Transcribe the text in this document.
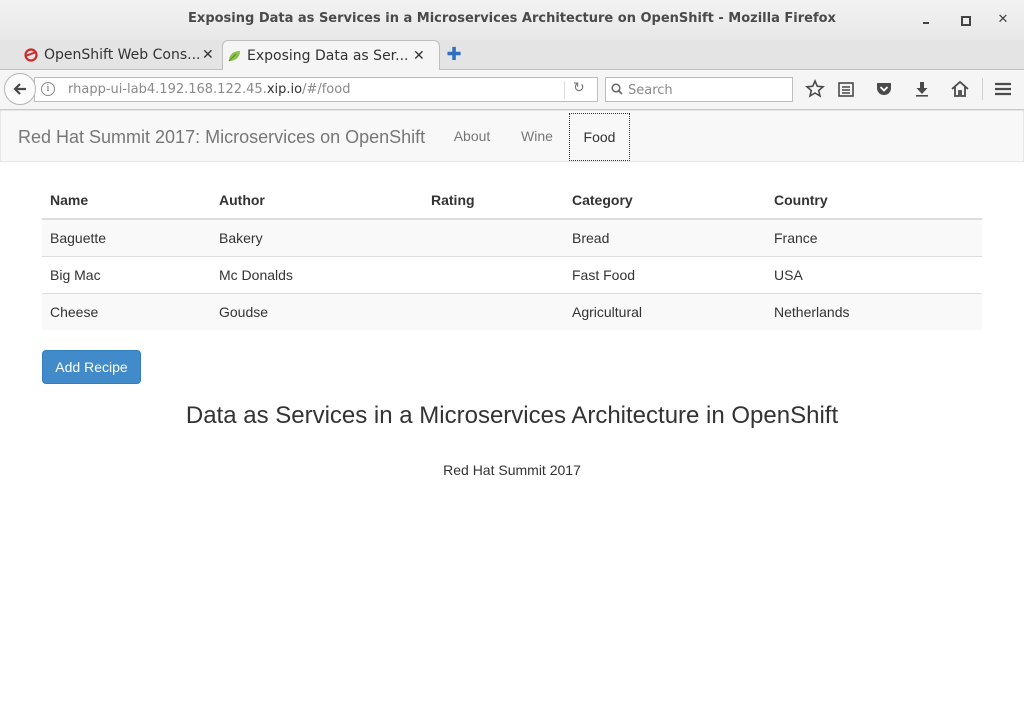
Exposing Data as Services in a Microservices Architecture on OpenShift - Mozilla Firefox	✕
OpenShift Web Cons... ✕	Exposing Data as Ser... ✕ ✚
i	rhapp-ui-lab4.192.168.122.45.xip.io/#/food	↻
Search
Red Hat Summit 2017: Microservices on OpenShift	About	Wine	Food
Name	Author	Rating	Category	Country
Baguette	Bakery		Bread	France
Big Mac	Mc Donalds		Fast Food	USA
Cheese	Goudse		Agricultural	Netherlands
Add Recipe
Data as Services in a Microservices Architecture in OpenShift
Red Hat Summit 2017
